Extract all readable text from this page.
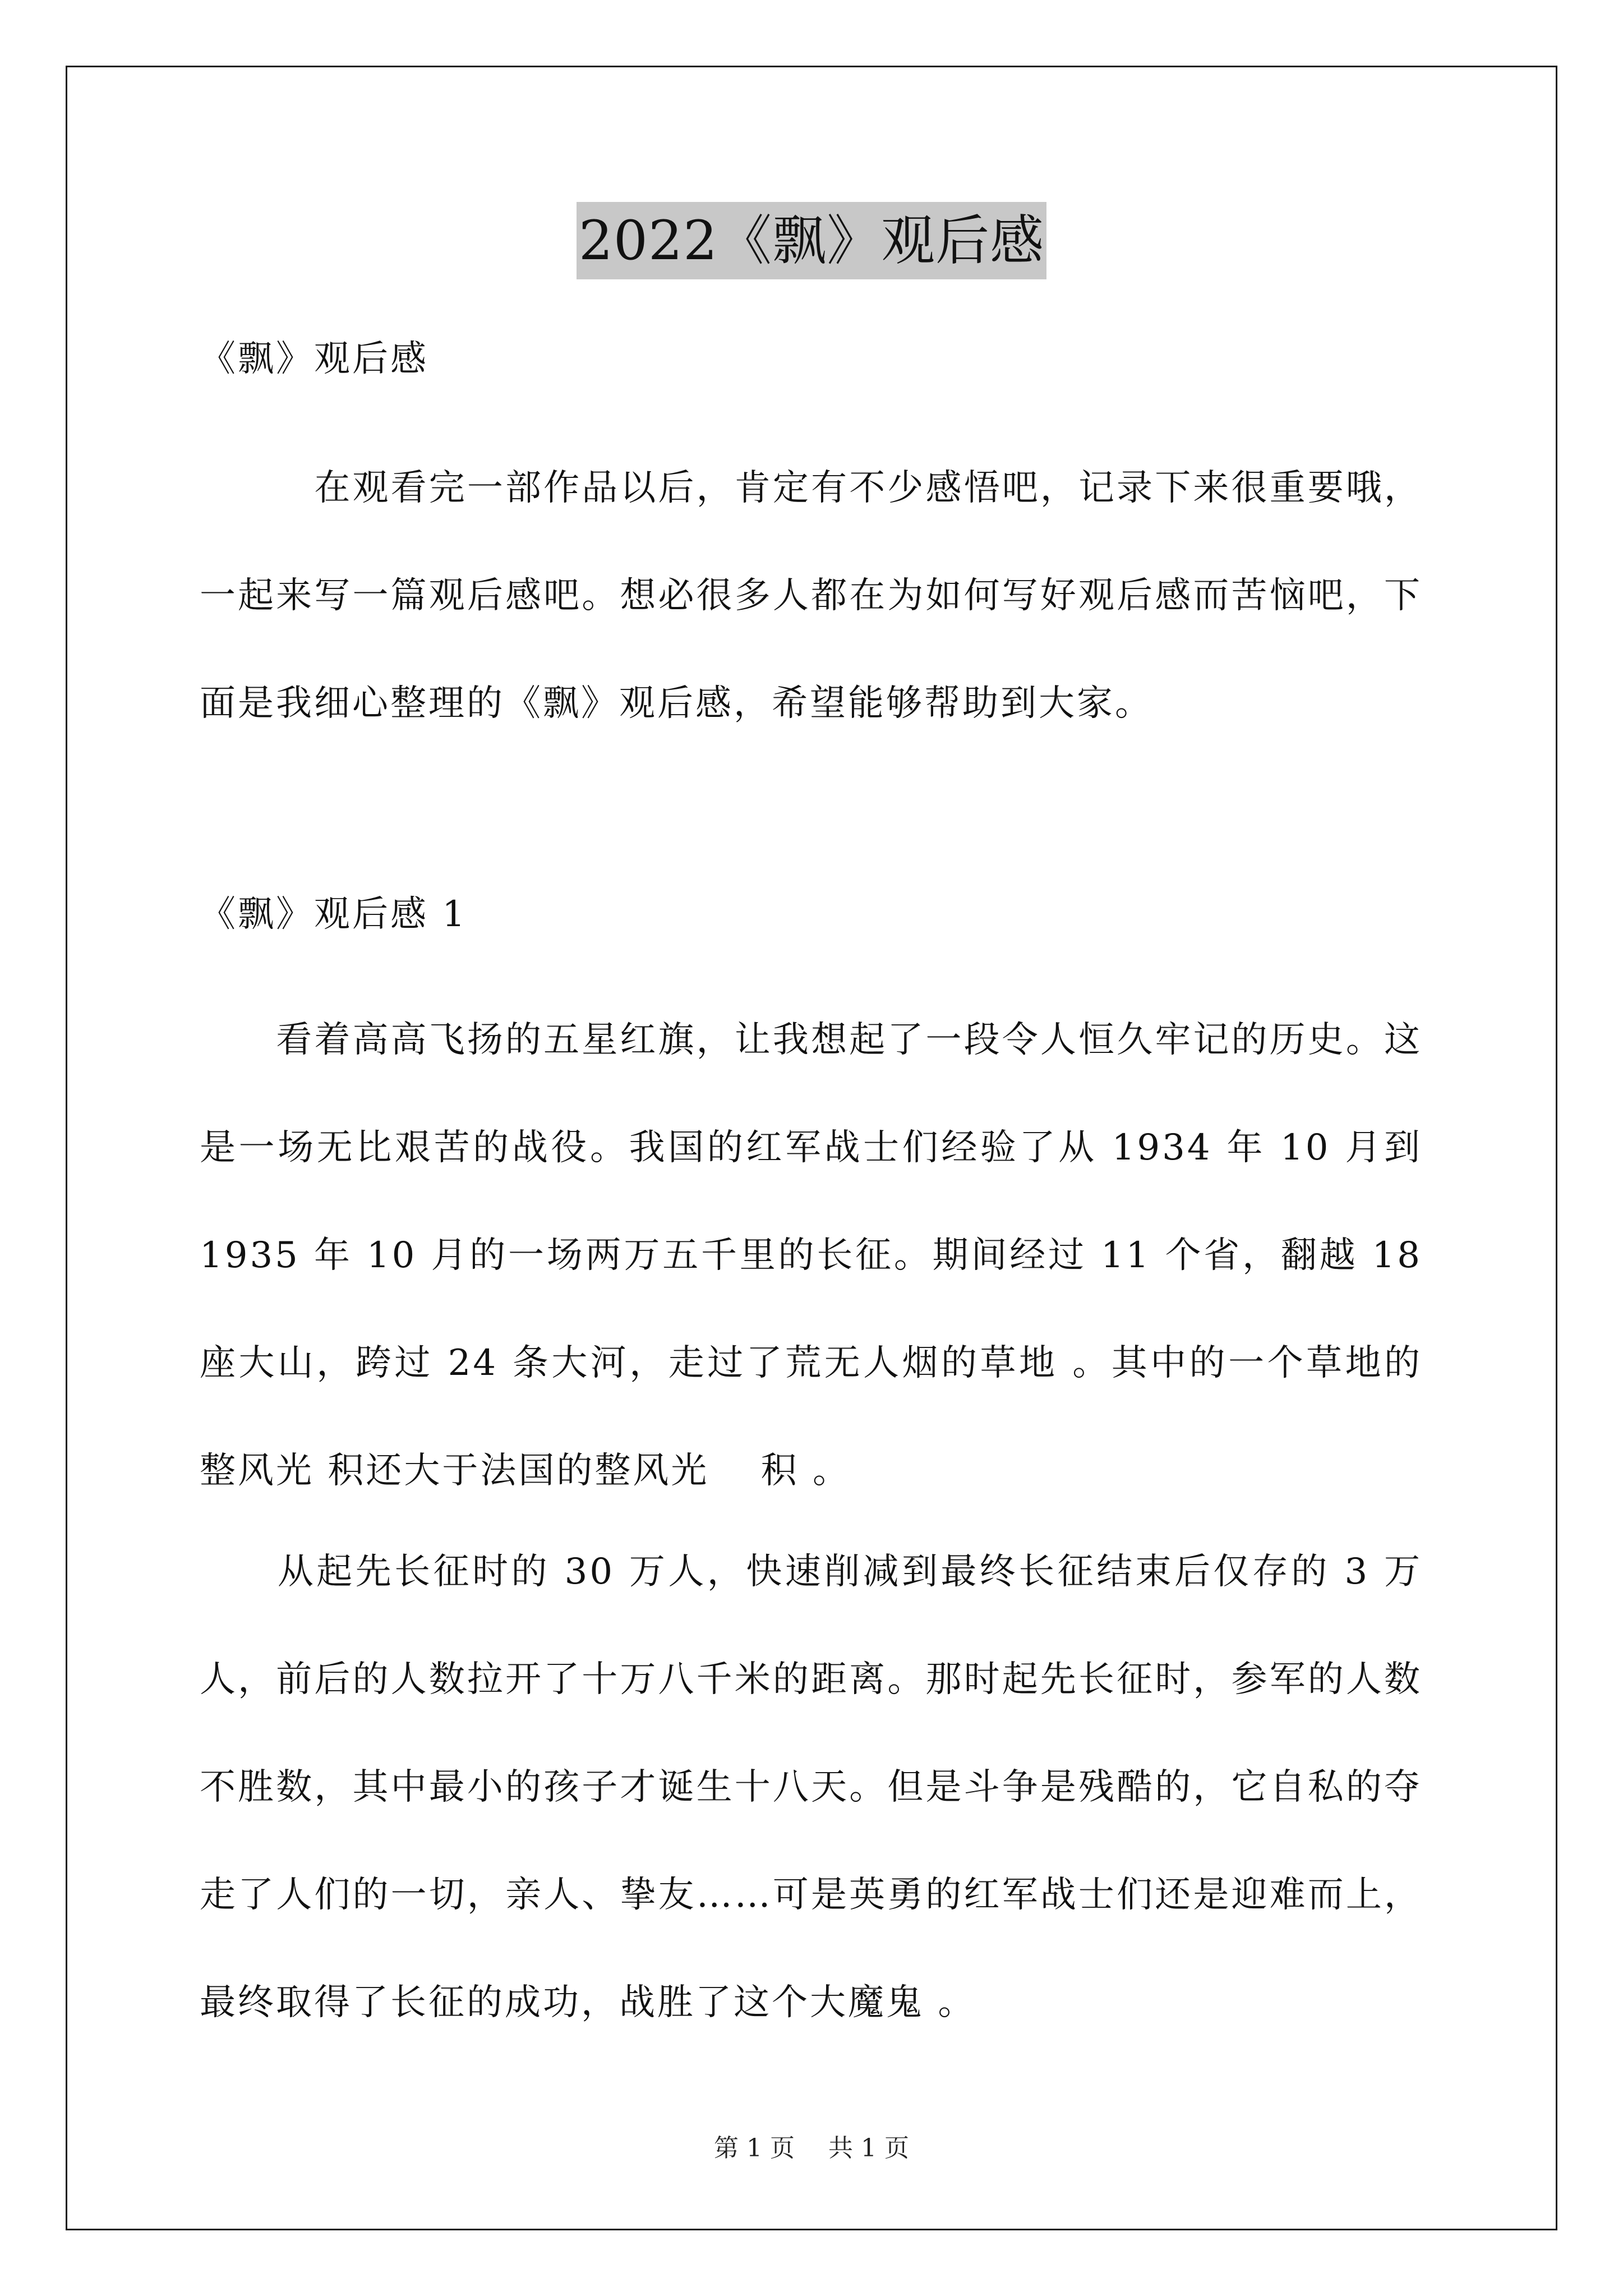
2022《飘》观后感
《飘》观后感
　　　在观看完一部作品以后，肯定有不少感悟吧，记录下来很重要哦，一起来写一篇观后感吧。想必很多人都在为如何写好观后感而苦恼吧，下面是我细心整理的《飘》观后感，希望能够帮助到大家。
《飘》观后感 1
　　看着高高飞扬的五星红旗，让我想起了一段令人恒久牢记的历史。这是一场无比艰苦的战役。我国的红军战士们经验了从 1934 年 10 月到 1935 年 10 月的一场两万五千里的长征。期间经过 11 个省，翻越 18 座大山，跨过 24 条大河，走过了荒无人烟的草地 。其中的一个草地的整风光 积还大于法国的整风光　 积 。
　　从起先长征时的 30 万人，快速削减到最终长征结束后仅存的 3 万人，前后的人数拉开了十万八千米的距离。那时起先长征时，参军的人数不胜数，其中最小的孩子才诞生十八天。但是斗争是残酷的，它自私的夺走了人们的一切，亲人、挚友……可是英勇的红军战士们还是迎难而上，最终取得了长征的成功，战胜了这个大魔鬼 。
第 1 页 共 1 页
